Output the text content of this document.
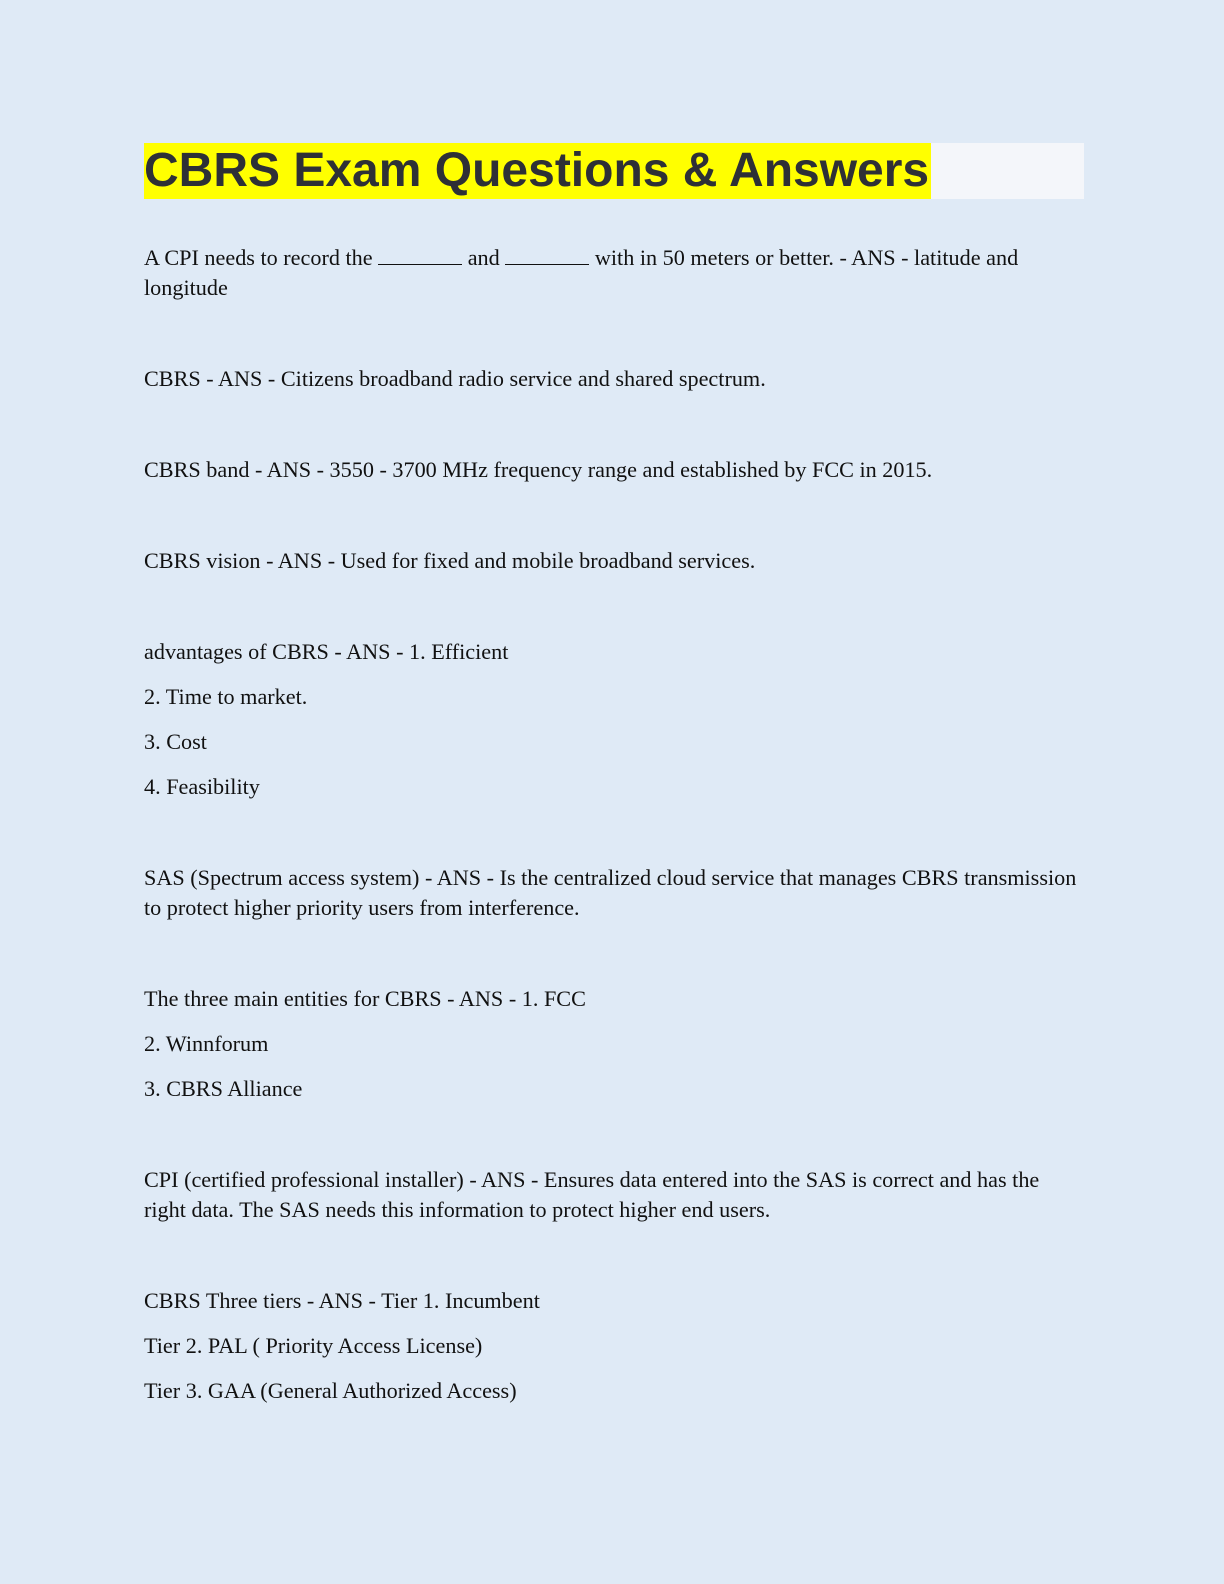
CBRS Exam Questions & Answers

A CPI needs to record the	and	with in 50 meters or better. - ANS - latitude and longitude

CBRS - ANS - Citizens broadband radio service and shared spectrum.

CBRS band - ANS - 3550 - 3700 MHz frequency range and established by FCC in 2015.

CBRS vision - ANS - Used for fixed and mobile broadband services.

advantages of CBRS - ANS - 1. Efficient

2. Time to market.
3. Cost
4. Feasibility

SAS (Spectrum access system) - ANS - Is the centralized cloud service that manages CBRS transmission to protect higher priority users from interference.

The three main entities for CBRS - ANS - 1. FCC

2. Winnforum
3. CBRS Alliance

CPI (certified professional installer) - ANS - Ensures data entered into the SAS is correct and has the right data. The SAS needs this information to protect higher end users.

CBRS Three tiers - ANS - Tier 1. Incumbent

Tier 2. PAL ( Priority Access License)
Tier 3. GAA (General Authorized Access)
